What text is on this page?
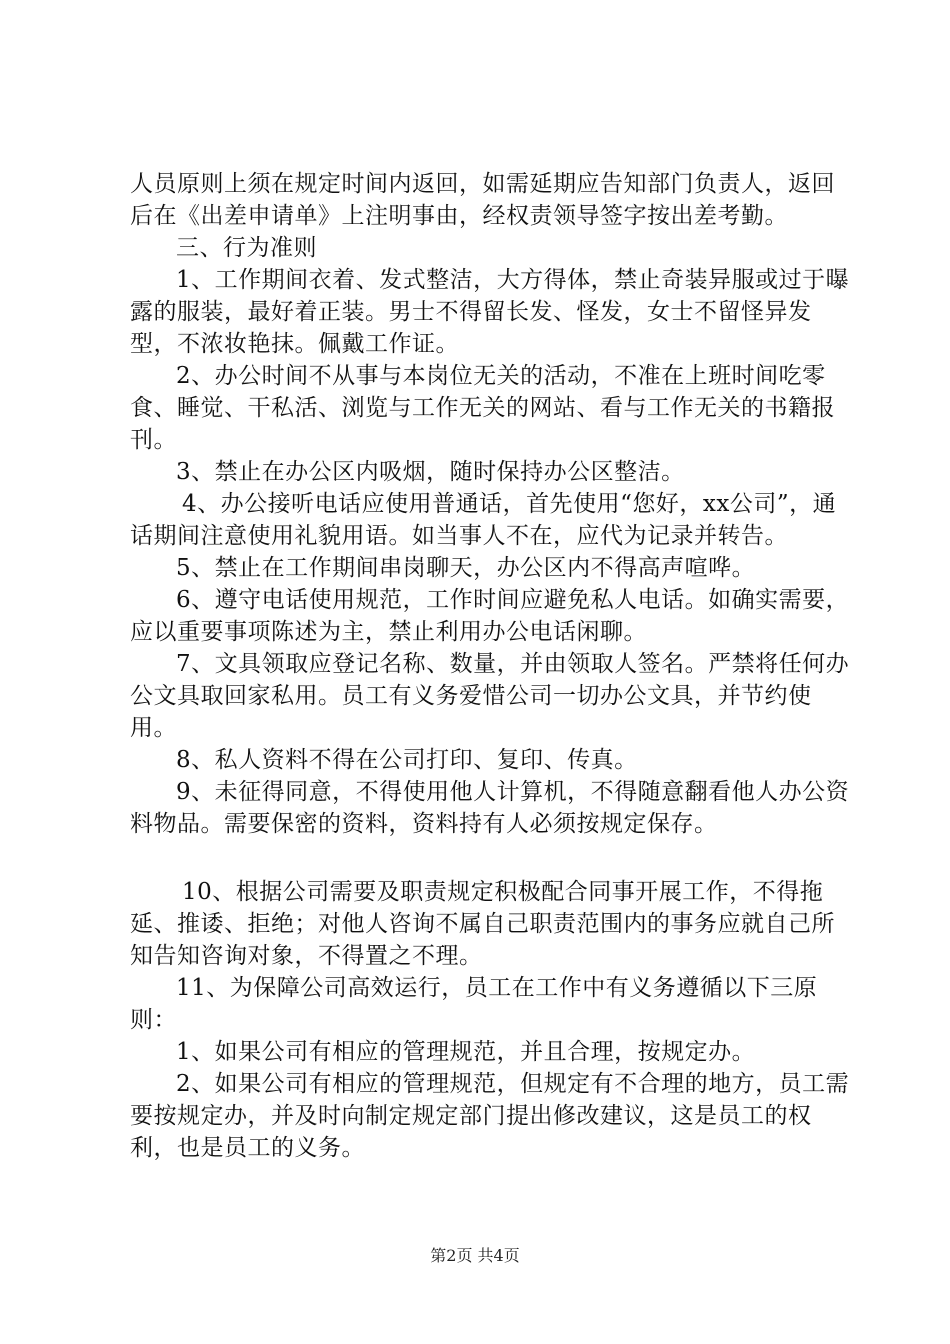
人员原则上须在规定时间内返回，如需延期应告知部门负责人，返回后在《出差申请单》上注明事由，经权责领导签字按出差考勤。

三、行为准则

1、工作期间衣着、发式整洁，大方得体，禁止奇装异服或过于曝露的服装，最好着正装。男士不得留长发、怪发，女士不留怪异发型，不浓妆艳抹。佩戴工作证。

2、办公时间不从事与本岗位无关的活动，不准在上班时间吃零食、睡觉、干私活、浏览与工作无关的网站、看与工作无关的书籍报刊。

3、禁止在办公区内吸烟，随时保持办公区整洁。

4、办公接听电话应使用普通话，首先使用“您好，xx公司”，通话期间注意使用礼貌用语。如当事人不在，应代为记录并转告。

5、禁止在工作期间串岗聊天，办公区内不得高声喧哗。

6、遵守电话使用规范，工作时间应避免私人电话。如确实需要，应以重要事项陈述为主，禁止利用办公电话闲聊。

7、文具领取应登记名称、数量，并由领取人签名。严禁将任何办公文具取回家私用。员工有义务爱惜公司一切办公文具，并节约使用。

8、私人资料不得在公司打印、复印、传真。

9、未征得同意，不得使用他人计算机，不得随意翻看他人办公资料物品。需要保密的资料，资料持有人必须按规定保存。

10、根据公司需要及职责规定积极配合同事开展工作，不得拖延、推诿、拒绝；对他人咨询不属自己职责范围内的事务应就自己所知告知咨询对象，不得置之不理。

11、为保障公司高效运行，员工在工作中有义务遵循以下三原则：

1、如果公司有相应的管理规范，并且合理，按规定办。

2、如果公司有相应的管理规范，但规定有不合理的地方，员工需要按规定办，并及时向制定规定部门提出修改建议，这是员工的权利，也是员工的义务。

第2页 共4页
